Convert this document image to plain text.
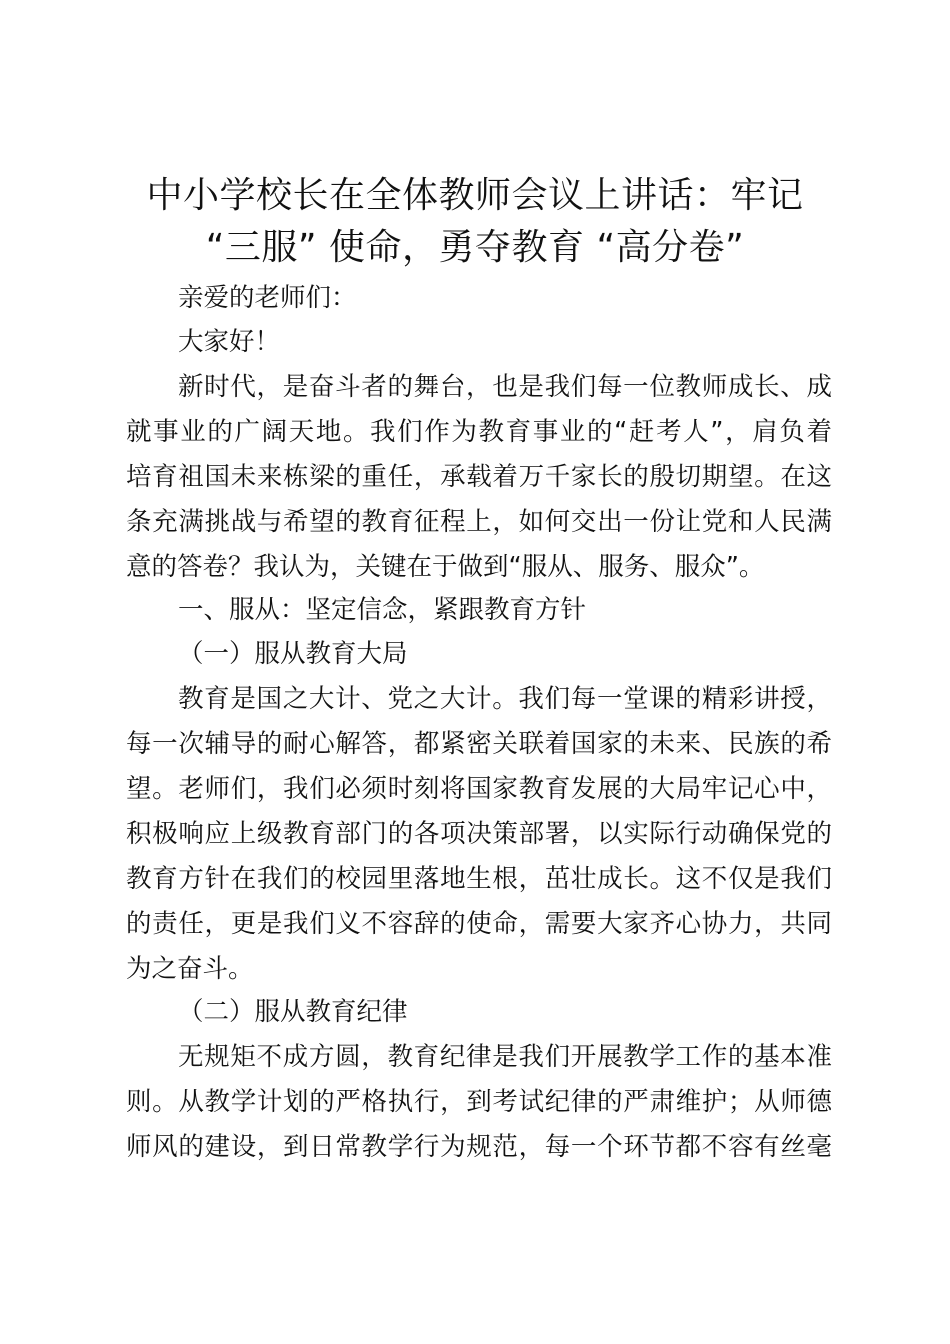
中小学校长在全体教师会议上讲话：牢记
“三服” 使命，勇夺教育 “高分卷”
亲爱的老师们：
大家好！
新时代，是奋斗者的舞台，也是我们每一位教师成长、成
就事业的广阔天地。我们作为教育事业的“赶考人”，肩负着
培育祖国未来栋梁的重任，承载着万千家长的殷切期望。在这
条充满挑战与希望的教育征程上，如何交出一份让党和人民满
意的答卷？我认为，关键在于做到“服从、服务、服众”。
一、服从：坚定信念，紧跟教育方针
（一）服从教育大局
教育是国之大计、党之大计。我们每一堂课的精彩讲授，
每一次辅导的耐心解答，都紧密关联着国家的未来、民族的希
望。老师们，我们必须时刻将国家教育发展的大局牢记心中，
积极响应上级教育部门的各项决策部署，以实际行动确保党的
教育方针在我们的校园里落地生根，茁壮成长。这不仅是我们
的责任，更是我们义不容辞的使命，需要大家齐心协力，共同
为之奋斗。
（二）服从教育纪律
无规矩不成方圆，教育纪律是我们开展教学工作的基本准
则。从教学计划的严格执行，到考试纪律的严肃维护；从师德
师风的建设，到日常教学行为规范，每一个环节都不容有丝毫
